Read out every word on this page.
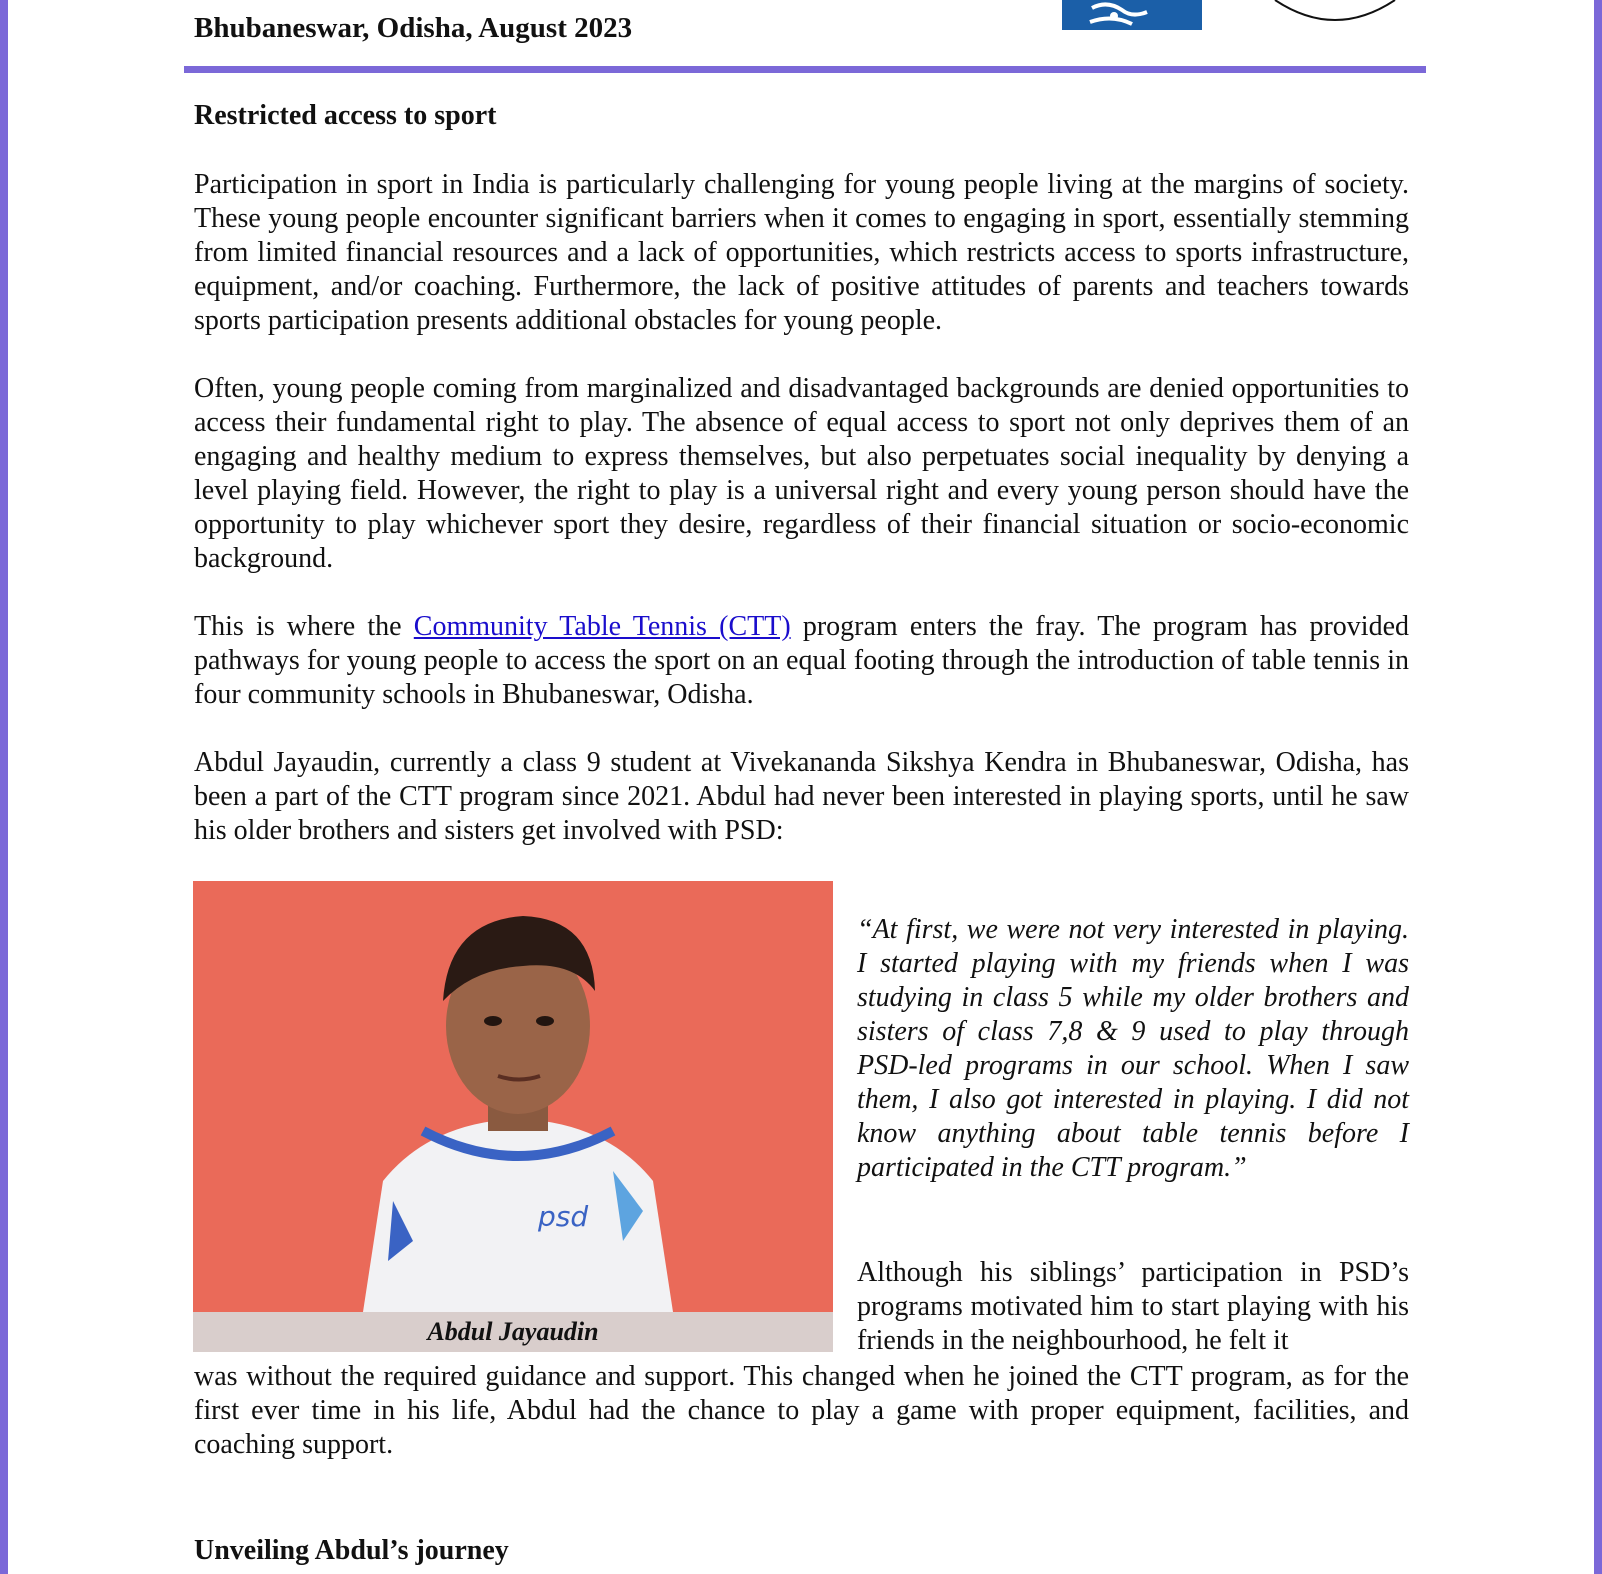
Bhubaneswar, Odisha, August 2023
Restricted access to sport

Participation in sport in India is particularly challenging for young people living at the margins of society. These young people encounter significant barriers when it comes to engaging in sport, essentially stemming from limited financial resources and a lack of opportunities, which restricts access to sports infrastructure, equipment, and/or coaching. Furthermore, the lack of positive attitudes of parents and teachers towards sports participation presents additional obstacles for young people.

Often, young people coming from marginalized and disadvantaged backgrounds are denied opportunities to access their fundamental right to play. The absence of equal access to sport not only deprives them of an engaging and healthy medium to express themselves, but also perpetuates social inequality by denying a level playing field. However, the right to play is a universal right and every young person should have the opportunity to play whichever sport they desire, regardless of their financial situation or socio-economic background.

This is where the Community Table Tennis (CTT) program enters the fray. The program has provided pathways for young people to access the sport on an equal footing through the introduction of table tennis in four community schools in Bhubaneswar, Odisha.

Abdul Jayaudin, currently a class 9 student at Vivekananda Sikshya Kendra in Bhubaneswar, Odisha, has been a part of the CTT program since 2021. Abdul had never been interested in playing sports, until he saw his older brothers and sisters get involved with PSD:

psd
Abdul Jayaudin

“At first, we were not very interested in playing. I started playing with my friends when I was studying in class 5 while my older brothers and sisters of class 7,8 & 9 used to play through PSD-led programs in our school. When I saw them, I also got interested in playing. I did not know anything about table tennis before I participated in the CTT program.”

Although his siblings’ participation in PSD’s programs motivated him to start playing with his friends in the neighbourhood, he felt it

was without the required guidance and support. This changed when he joined the CTT program, as for the first ever time in his life, Abdul had the chance to play a game with proper equipment, facilities, and coaching support.

Unveiling Abdul’s journey
